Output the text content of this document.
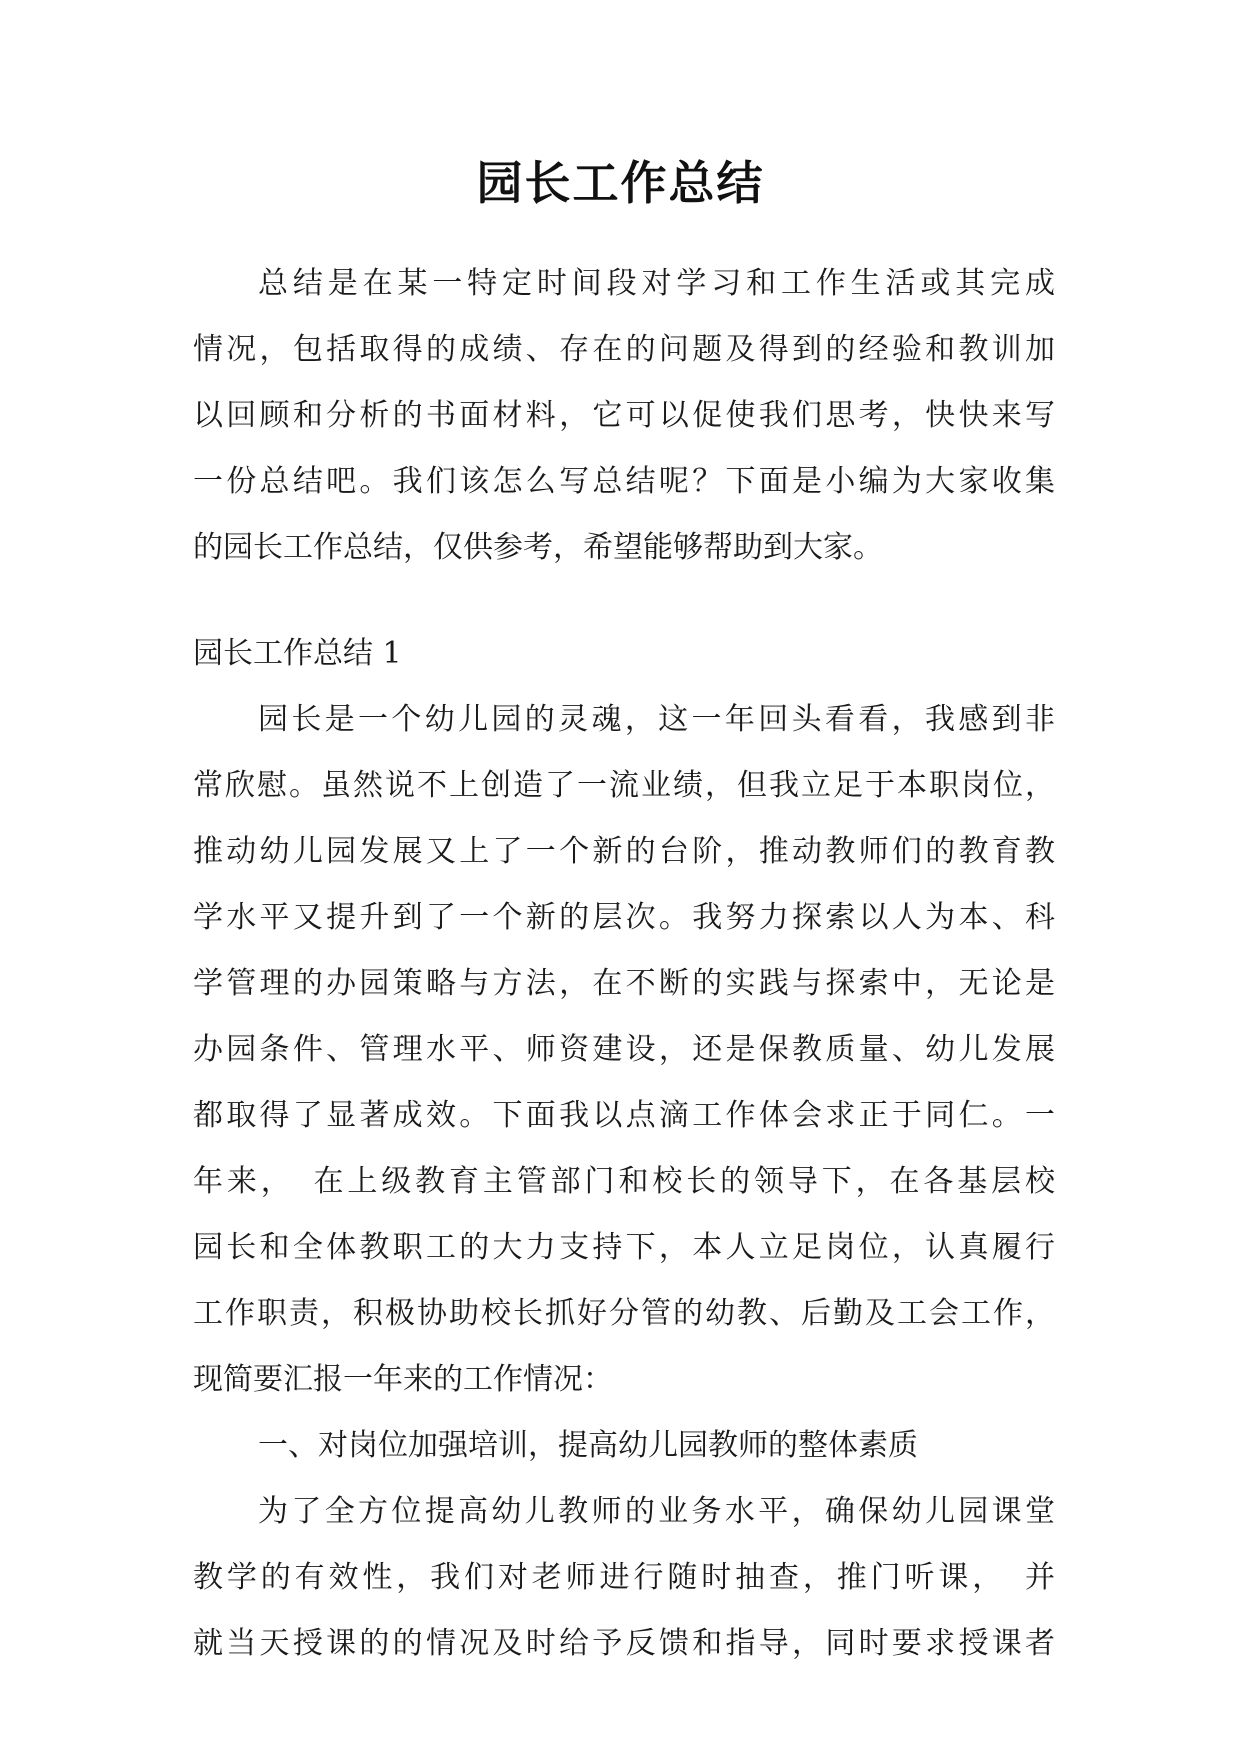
园长工作总结
总结是在某一特定时间段对学习和工作生活或其完成
情况，包括取得的成绩、存在的问题及得到的经验和教训加
以回顾和分析的书面材料，它可以促使我们思考，快快来写
一份总结吧。我们该怎么写总结呢？下面是小编为大家收集
的园长工作总结，仅供参考，希望能够帮助到大家。
园长工作总结 1
园长是一个幼儿园的灵魂，这一年回头看看，我感到非
常欣慰。虽然说不上创造了一流业绩，但我立足于本职岗位，
推动幼儿园发展又上了一个新的台阶，推动教师们的教育教
学水平又提升到了一个新的层次。我努力探索以人为本、科
学管理的办园策略与方法，在不断的实践与探索中，无论是
办园条件、管理水平、师资建设，还是保教质量、幼儿发展
都取得了显著成效。下面我以点滴工作体会求正于同仁。一
年来，　在上级教育主管部门和校长的领导下，在各基层校
园长和全体教职工的大力支持下，本人立足岗位，认真履行
工作职责，积极协助校长抓好分管的幼教、后勤及工会工作，
现简要汇报一年来的工作情况：
一、对岗位加强培训，提高幼儿园教师的整体素质
为了全方位提高幼儿教师的业务水平，确保幼儿园课堂
教学的有效性，我们对老师进行随时抽查，推门听课，　并
就当天授课的的情况及时给予反馈和指导，同时要求授课者
